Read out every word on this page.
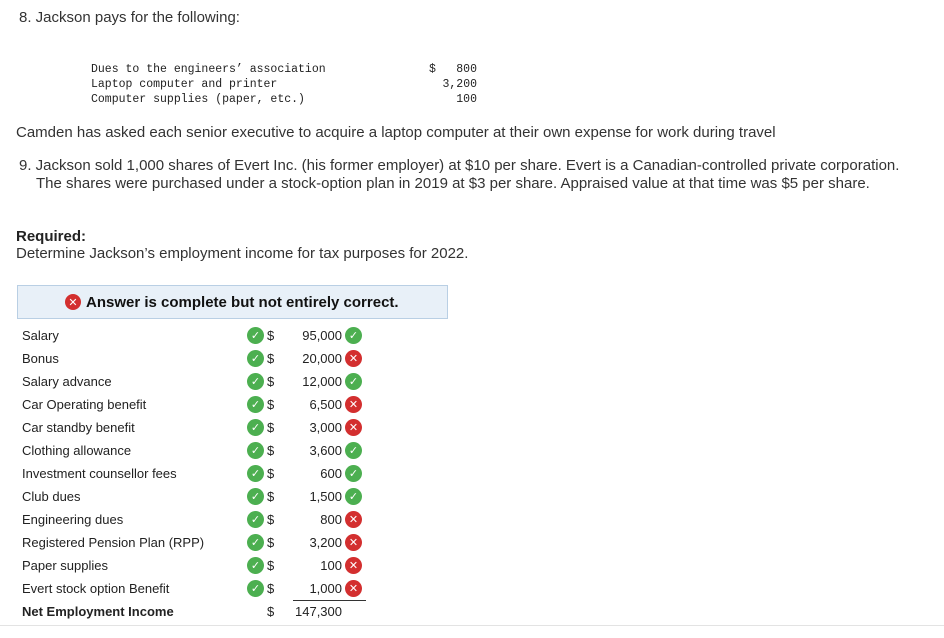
8. Jackson pays for the following:
Dues to the engineers’ association	$	800
Laptop computer and printer	3,200
Computer supplies (paper, etc.)	100
Camden has asked each senior executive to acquire a laptop computer at their own expense for work during travel
9. Jackson sold 1,000 shares of Evert Inc. (his former employer) at $10 per share. Evert is a Canadian-controlled private corporation.
The shares were purchased under a stock-option plan in 2019 at $3 per share. Appraised value at that time was $5 per share.
Required:
Determine Jackson’s employment income for tax purposes for 2022.
✕ Answer is complete but not entirely correct.
Salary	✓ $	95,000 ✓
Bonus	✓ $	20,000 ✕
Salary advance	✓ $	12,000 ✓
Car Operating benefit	✓ $	6,500 ✕
Car standby benefit	✓ $	3,000 ✕
Clothing allowance	✓ $	3,600 ✓
Investment counsellor fees	✓ $	600 ✓
Club dues	✓ $	1,500 ✓
Engineering dues	✓ $	800 ✕
Registered Pension Plan (RPP)	✓ $	3,200 ✕
Paper supplies	✓ $	100 ✕
Evert stock option Benefit	✓ $	1,000 ✕
Net Employment Income	$	147,300
